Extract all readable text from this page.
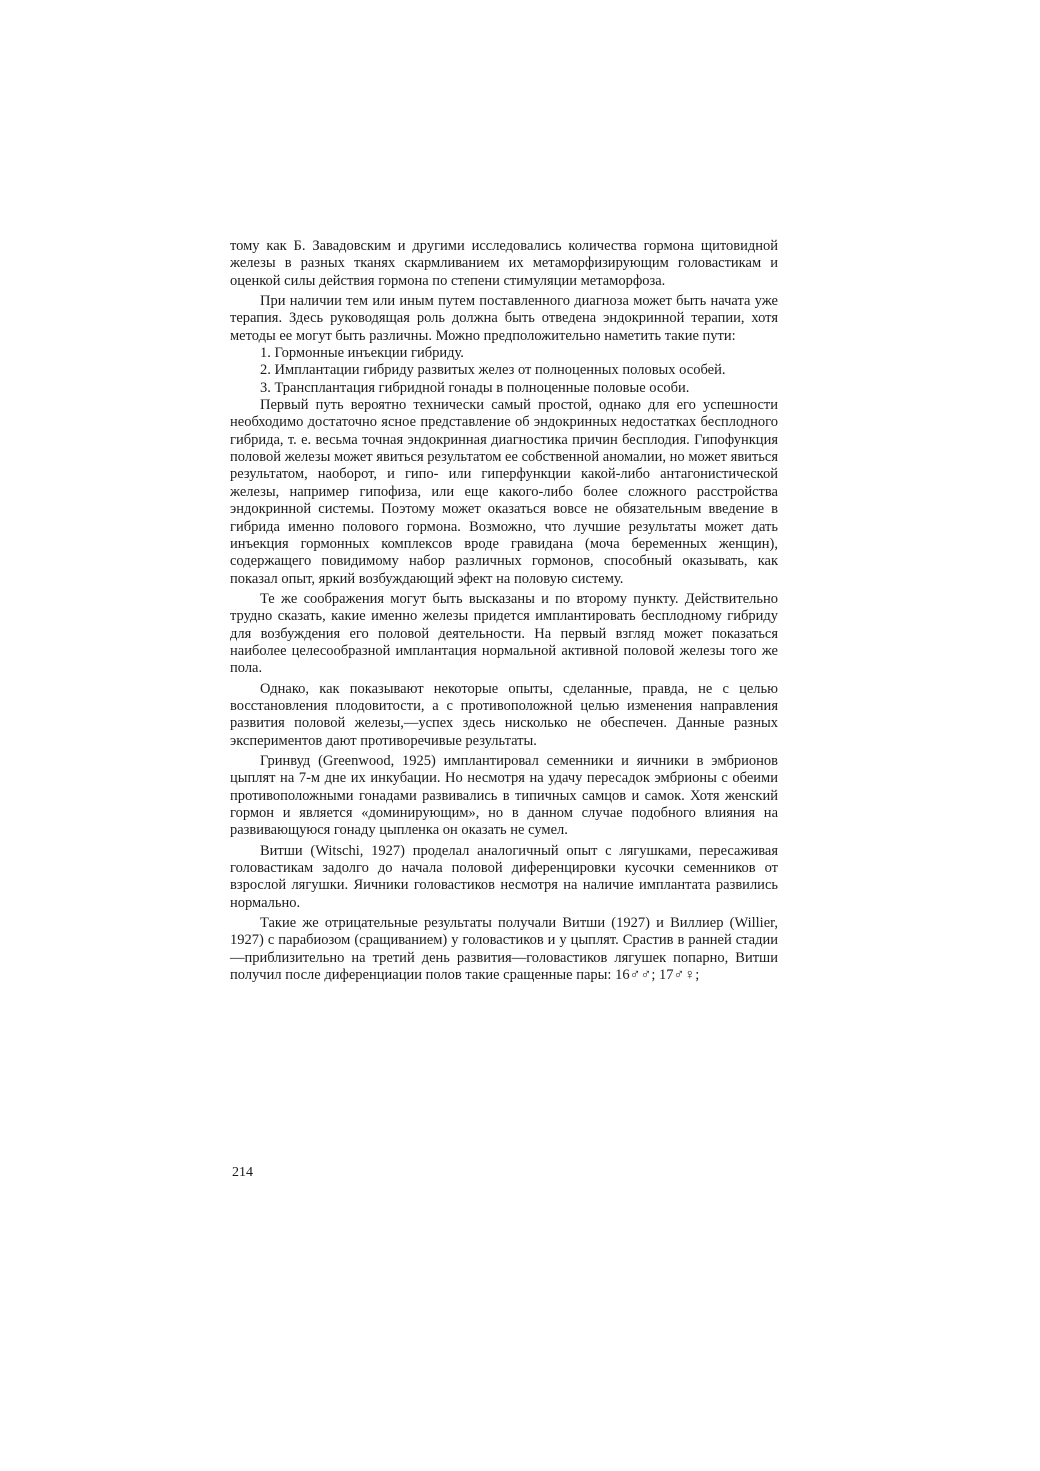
тому как Б. Завадовским и другими исследовались количества гормона щитовидной железы в разных тканях скармливанием их метаморфизирующим головастикам и оценкой силы действия гормона по степени стимуляции метаморфоза.

При наличии тем или иным путем поставленного диагноза может быть начата уже терапия. Здесь руководящая роль должна быть отведена эндокринной терапии, хотя методы ее могут быть различны. Можно предположительно наметить такие пути:

1. Гормонные инъекции гибриду.

2. Имплантации гибриду развитых желез от полноценных половых особей.

3. Трансплантация гибридной гонады в полноценные половые особи.

Первый путь вероятно технически самый простой, однако для его успешности необходимо достаточно ясное представление об эндокринных недостатках бесплодного гибрида, т. е. весьма точная эндокринная диагностика причин бесплодия. Гипофункция половой железы может явиться результатом ее собственной аномалии, но может явиться результатом, наоборот, и гипо- или гиперфункции какой-либо антагонистической железы, например гипофиза, или еще какого-либо более сложного расстройства эндокринной системы. Поэтому может оказаться вовсе не обязательным введение в гибрида именно полового гормона. Возможно, что лучшие результаты может дать инъекция гормонных комплексов вроде гравидана (моча беременных женщин), содержащего повидимому набор различных гормонов, способный оказывать, как показал опыт, яркий возбуждающий эфект на половую систему.

Те же соображения могут быть высказаны и по второму пункту. Действительно трудно сказать, какие именно железы придется имплантировать бесплодному гибриду для возбуждения его половой деятельности. На первый взгляд может показаться наиболее целесообразной имплантация нормальной активной половой железы того же пола.

Однако, как показывают некоторые опыты, сделанные, правда, не с целью восстановления плодовитости, а с противоположной целью изменения направления развития половой железы,—успех здесь нисколько не обеспечен. Данные разных экспериментов дают противоречивые результаты.

Гринвуд (Greenwood, 1925) имплантировал семенники и яичники в эмбрионов цыплят на 7-м дне их инкубации. Но несмотря на удачу пересадок эмбрионы с обеими противоположными гонадами развивались в типичных самцов и самок. Хотя женский гормон и является «доминирующим», но в данном случае подобного влияния на развивающуюся гонаду цыпленка он оказать не сумел.

Витши (Witschi, 1927) проделал аналогичный опыт с лягушками, пересаживая головастикам задолго до начала половой диференцировки кусочки семенников от взрослой лягушки. Яичники головастиков несмотря на наличие имплантата развились нормально.

Такие же отрицательные результаты получали Витши (1927) и Виллиер (Willier, 1927) с парабиозом (сращиванием) у головастиков и у цыплят. Срастив в ранней стадии—приблизительно на третий день развития—головастиков лягушек попарно, Витши получил после диференциации полов такие сращенные пары: 16♂♂; 17♂♀;

214
